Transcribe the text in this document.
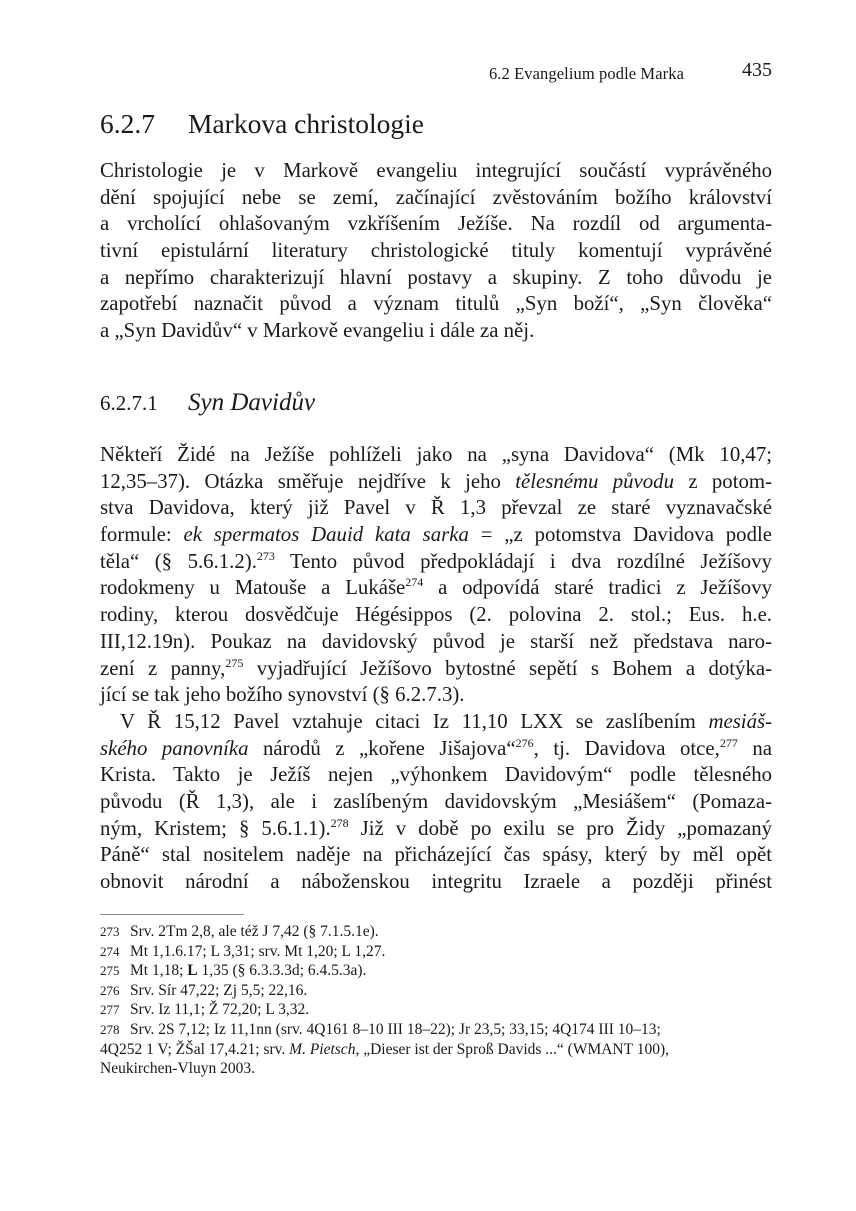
6.2 Evangelium podle Marka	435
6.2.7 Markova christologie
Christologie je v Markově evangeliu integrující součástí vyprávěného
dění spojující nebe se zemí, začínající zvěstováním božího království
a vrcholící ohlašovaným vzkříšením Ježíše. Na rozdíl od argumenta-
tivní epistulární literatury christologické tituly komentují vyprávěné
a nepřímo charakterizují hlavní postavy a skupiny. Z toho důvodu je
zapotřebí naznačit původ a význam titulů „Syn boží“, „Syn člověka“
a „Syn Davidův“ v Markově evangeliu i dále za něj.
6.2.7.1 Syn Davidův
Někteří Židé na Ježíše pohlíželi jako na „syna Davidova“ (Mk 10,47;
12,35–37). Otázka směřuje nejdříve k jeho tělesnému původu z potom-
stva Davidova, který již Pavel v Ř 1,3 převzal ze staré vyznavačské
formule: ek spermatos Dauid kata sarka = „z potomstva Davidova podle
těla“ (§ 5.6.1.2).$^{273}$ Tento původ předpokládají i dva rozdílné Ježíšovy
rodokmeny u Matouše a Lukáše$^{274}$ a odpovídá staré tradici z Ježíšovy
rodiny, kterou dosvědčuje Hégésippos (2. polovina 2. stol.; Eus. h.e.
III,12.19n). Poukaz na davidovský původ je starší než představa naro-
zení z panny,$^{275}$ vyjadřující Ježíšovo bytostné sepětí s Bohem a dotýka-
jící se tak jeho božího synovství (§ 6.2.7.3).
V Ř 15,12 Pavel vztahuje citaci Iz 11,10 LXX se zaslíbením mesiáš-
ského panovníka národů z „kořene Jišajova“$^{276}$, tj. Davidova otce,$^{277}$ na
Krista. Takto je Ježíš nejen „výhonkem Davidovým“ podle tělesného
původu (Ř 1,3), ale i zaslíbeným davidovským „Mesiášem“ (Pomaza-
ným, Kristem; § 5.6.1.1).$^{278}$ Již v době po exilu se pro Židy „pomazaný
Páně“ stal nositelem naděje na přicházející čas spásy, který by měl opět
obnovit národní a náboženskou integritu Izraele a později přinést
273 Srv. 2Tm 2,8, ale též J 7,42 (§ 7.1.5.1e).
274 Mt 1,1.6.17; L 3,31; srv. Mt 1,20; L 1,27.
275 Mt 1,18; L 1,35 (§ 6.3.3.3d; 6.4.5.3a).
276 Srv. Sír 47,22; Zj 5,5; 22,16.
277 Srv. Iz 11,1; Ž 72,20; L 3,32.
278 Srv. 2S 7,12; Iz 11,1nn (srv. 4Q161 8–10 III 18–22); Jr 23,5; 33,15; 4Q174 III 10–13;
4Q252 1 V; ŽŠal 17,4.21; srv. M. Pietsch, „Dieser ist der Sproß Davids ...“ (WMANT 100),
Neukirchen-Vluyn 2003.
